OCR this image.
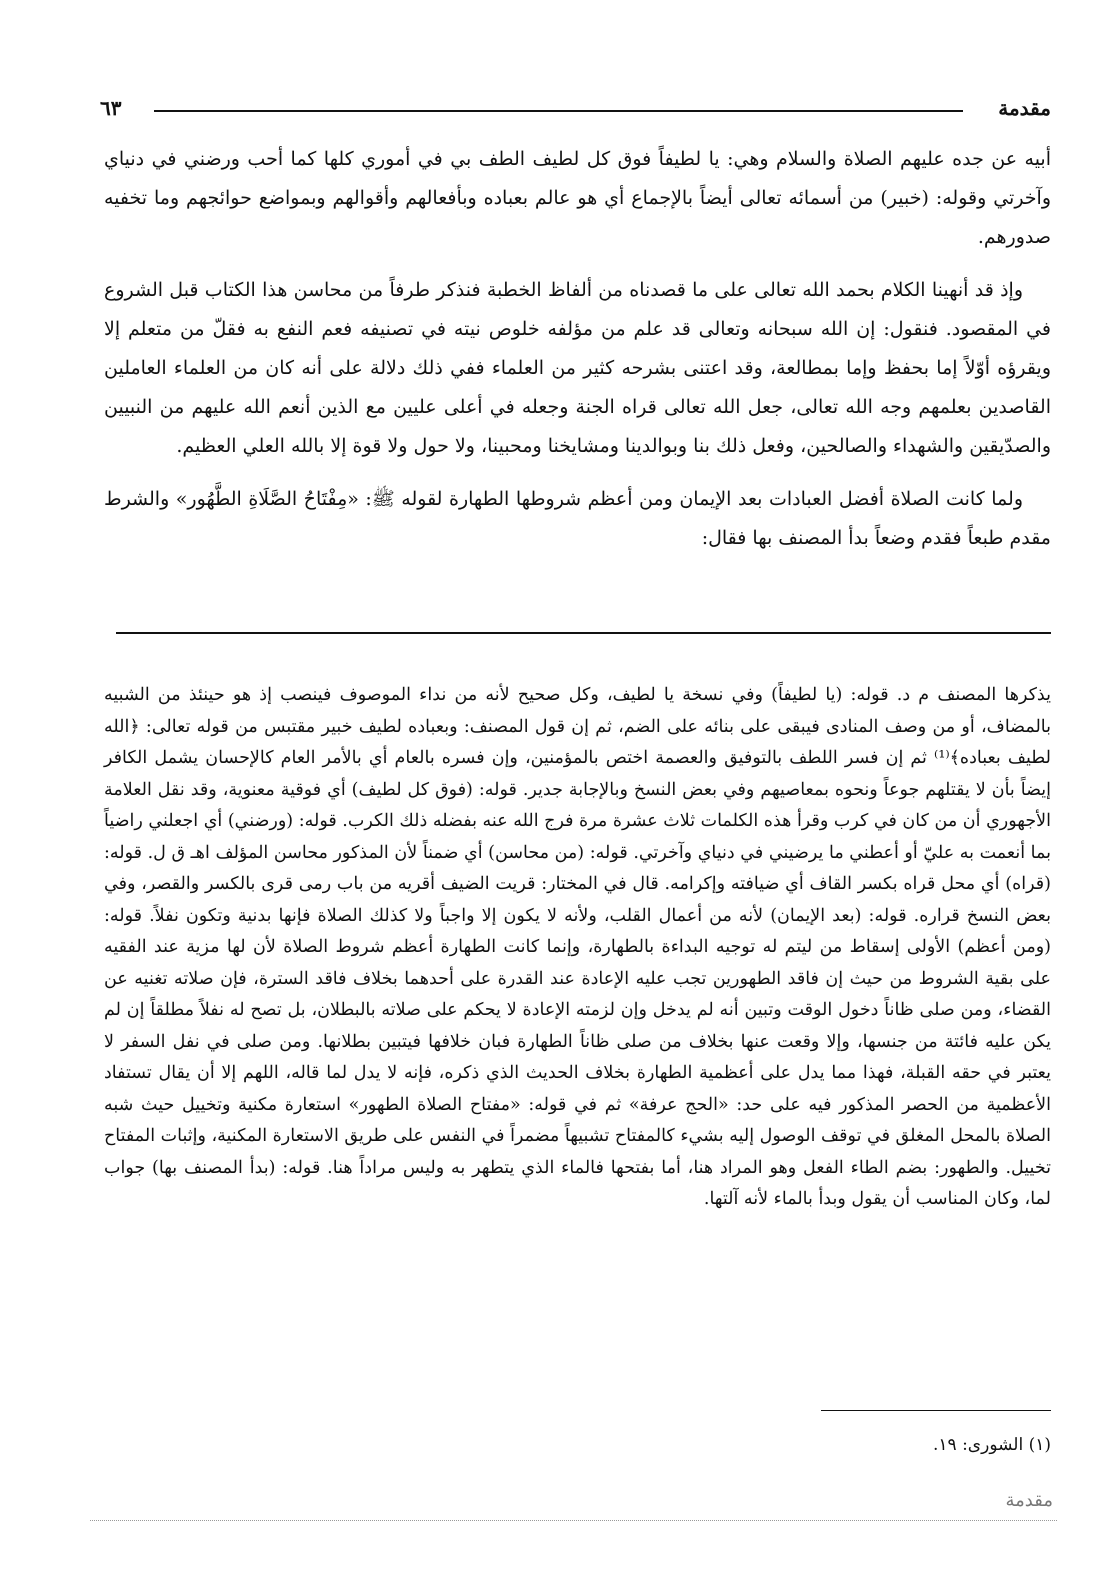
مقدمة
٦٣

أبيه عن جده عليهم الصلاة والسلام وهي: يا لطيفاً فوق كل لطيف الطف بي في أموري كلها كما أحب ورضني في دنياي وآخرتي وقوله: (خبير) من أسمائه تعالى أيضاً بالإجماع أي هو عالم بعباده وبأفعالهم وأقوالهم وبمواضع حوائجهم وما تخفيه صدورهم.

وإذ قد أنهينا الكلام بحمد الله تعالى على ما قصدناه من ألفاظ الخطبة فنذكر طرفاً من محاسن هذا الكتاب قبل الشروع في المقصود. فنقول: إن الله سبحانه وتعالى قد علم من مؤلفه خلوص نيته في تصنيفه فعم النفع به فقلّ من متعلم إلا ويقرؤه أوّلاً إما بحفظ وإما بمطالعة، وقد اعتنى بشرحه كثير من العلماء ففي ذلك دلالة على أنه كان من العلماء العاملين القاصدين بعلمهم وجه الله تعالى، جعل الله تعالى قراه الجنة وجعله في أعلى عليين مع الذين أنعم الله عليهم من النبيين والصدّيقين والشهداء والصالحين، وفعل ذلك بنا وبوالدينا ومشايخنا ومحبينا، ولا حول ولا قوة إلا بالله العلي العظيم.

ولما كانت الصلاة أفضل العبادات بعد الإيمان ومن أعظم شروطها الطهارة لقوله ﷺ: «مِفْتَاحُ الصَّلَاةِ الطَّهُور» والشرط مقدم طبعاً فقدم وضعاً بدأ المصنف بها فقال:

يذكرها المصنف م د. قوله: (يا لطيفاً) وفي نسخة يا لطيف، وكل صحيح لأنه من نداء الموصوف فينصب إذ هو حينئذ من الشبيه بالمضاف، أو من وصف المنادى فيبقى على بنائه على الضم، ثم إن قول المصنف: وبعباده لطيف خبير مقتبس من قوله تعالى: ﴿الله لطيف بعباده﴾⁽¹⁾ ثم إن فسر اللطف بالتوفيق والعصمة اختص بالمؤمنين، وإن فسره بالعام أي بالأمر العام كالإحسان يشمل الكافر إيضاً بأن لا يقتلهم جوعاً ونحوه بمعاصيهم وفي بعض النسخ وبالإجابة جدير. قوله: (فوق كل لطيف) أي فوقية معنوية، وقد نقل العلامة الأجهوري أن من كان في كرب وقرأ هذه الكلمات ثلاث عشرة مرة فرج الله عنه بفضله ذلك الكرب. قوله: (ورضني) أي اجعلني راضياً بما أنعمت به عليّ أو أعطني ما يرضيني في دنياي وآخرتي. قوله: (من محاسن) أي ضمناً لأن المذكور محاسن المؤلف اهـ ق ل. قوله: (قراه) أي محل قراه بكسر القاف أي ضيافته وإكرامه. قال في المختار: قريت الضيف أقريه من باب رمى قرى بالكسر والقصر، وفي بعض النسخ قراره. قوله: (بعد الإيمان) لأنه من أعمال القلب، ولأنه لا يكون إلا واجباً ولا كذلك الصلاة فإنها بدنية وتكون نفلاً. قوله: (ومن أعظم) الأولى إسقاط من ليتم له توجيه البداءة بالطهارة، وإنما كانت الطهارة أعظم شروط الصلاة لأن لها مزية عند الفقيه على بقية الشروط من حيث إن فاقد الطهورين تجب عليه الإعادة عند القدرة على أحدهما بخلاف فاقد السترة، فإن صلاته تغنيه عن القضاء، ومن صلى ظاناً دخول الوقت وتبين أنه لم يدخل وإن لزمته الإعادة لا يحكم على صلاته بالبطلان، بل تصح له نفلاً مطلقاً إن لم يكن عليه فائتة من جنسها، وإلا وقعت عنها بخلاف من صلى ظاناً الطهارة فبان خلافها فيتبين بطلانها. ومن صلى في نفل السفر لا يعتبر في حقه القبلة، فهذا مما يدل على أعظمية الطهارة بخلاف الحديث الذي ذكره، فإنه لا يدل لما قاله، اللهم إلا أن يقال تستفاد الأعظمية من الحصر المذكور فيه على حد: «الحج عرفة» ثم في قوله: «مفتاح الصلاة الطهور» استعارة مكنية وتخييل حيث شبه الصلاة بالمحل المغلق في توقف الوصول إليه بشيء كالمفتاح تشبيهاً مضمراً في النفس على طريق الاستعارة المكنية، وإثبات المفتاح تخييل. والطهور: بضم الطاء الفعل وهو المراد هنا، أما بفتحها فالماء الذي يتطهر به وليس مراداً هنا. قوله: (بدأ المصنف بها) جواب لما، وكان المناسب أن يقول وبدأ بالماء لأنه آلتها.

(١) الشورى: ١٩.
مقدمة
